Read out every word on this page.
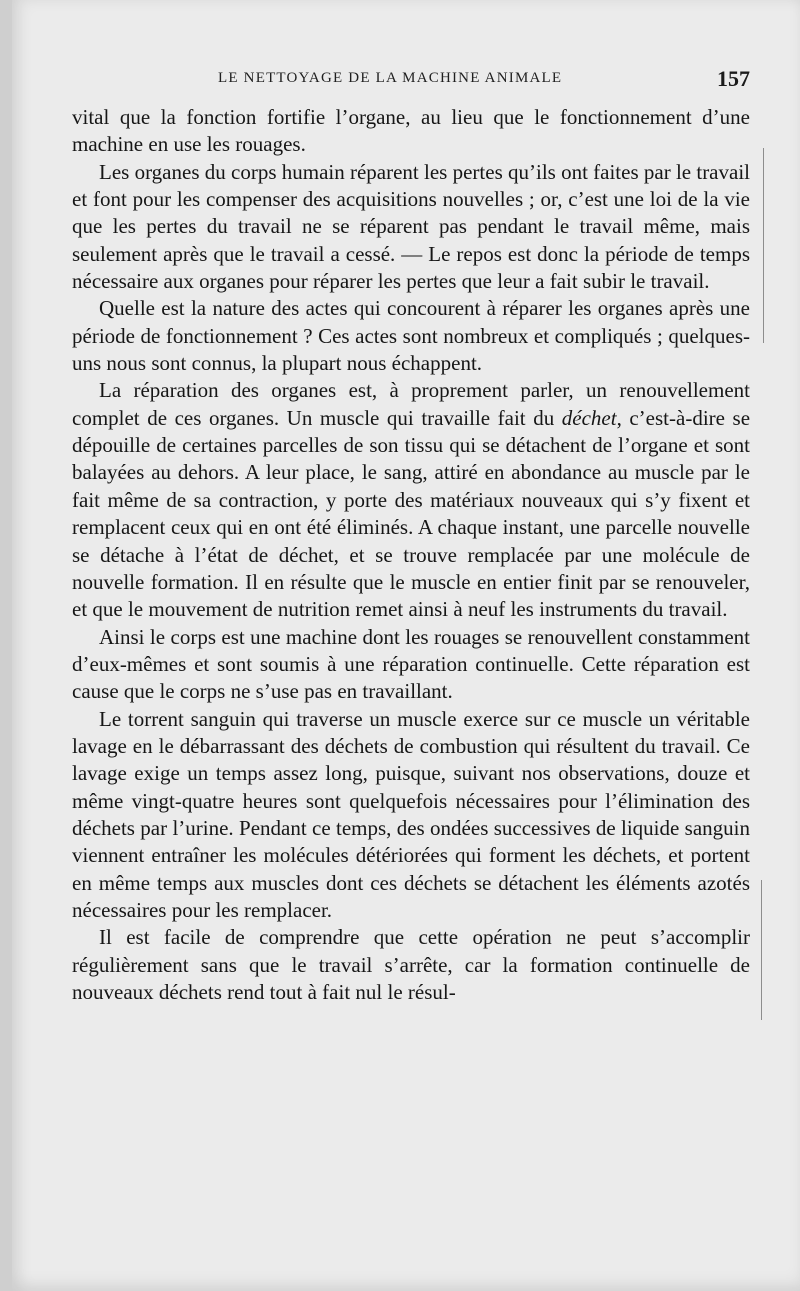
LE NETTOYAGE DE LA MACHINE ANIMALE	157

vital que la fonction fortifie l’organe, au lieu que le fonctionnement d’une machine en use les rouages.

Les organes du corps humain réparent les pertes qu’ils ont faites par le travail et font pour les compenser des acquisitions nouvelles ; or, c’est une loi de la vie que les pertes du travail ne se réparent pas pendant le travail même, mais seulement après que le travail a cessé. — Le repos est donc la période de temps nécessaire aux organes pour réparer les pertes que leur a fait subir le travail.

Quelle est la nature des actes qui concourent à réparer les organes après une période de fonctionnement ? Ces actes sont nombreux et compliqués ; quelques-uns nous sont connus, la plupart nous échappent.

La réparation des organes est, à proprement parler, un renouvellement complet de ces organes. Un muscle qui travaille fait du déchet, c’est-à-dire se dépouille de certaines parcelles de son tissu qui se détachent de l’organe et sont balayées au dehors. A leur place, le sang, attiré en abondance au muscle par le fait même de sa contraction, y porte des matériaux nouveaux qui s’y fixent et remplacent ceux qui en ont été éliminés. A chaque instant, une parcelle nouvelle se détache à l’état de déchet, et se trouve remplacée par une molécule de nouvelle formation. Il en résulte que le muscle en entier finit par se renouveler, et que le mouvement de nutrition remet ainsi à neuf les instruments du travail.

Ainsi le corps est une machine dont les rouages se renouvellent constamment d’eux-mêmes et sont soumis à une réparation continuelle. Cette réparation est cause que le corps ne s’use pas en travaillant.

Le torrent sanguin qui traverse un muscle exerce sur ce muscle un véritable lavage en le débarrassant des déchets de combustion qui résultent du travail. Ce lavage exige un temps assez long, puisque, suivant nos observations, douze et même vingt-quatre heures sont quelquefois nécessaires pour l’élimination des déchets par l’urine. Pendant ce temps, des ondées successives de liquide sanguin viennent entraîner les molécules détériorées qui forment les déchets, et portent en même temps aux muscles dont ces déchets se détachent les éléments azotés nécessaires pour les remplacer.

Il est facile de comprendre que cette opération ne peut s’accomplir régulièrement sans que le travail s’arrête, car la formation continuelle de nouveaux déchets rend tout à fait nul le résul-
